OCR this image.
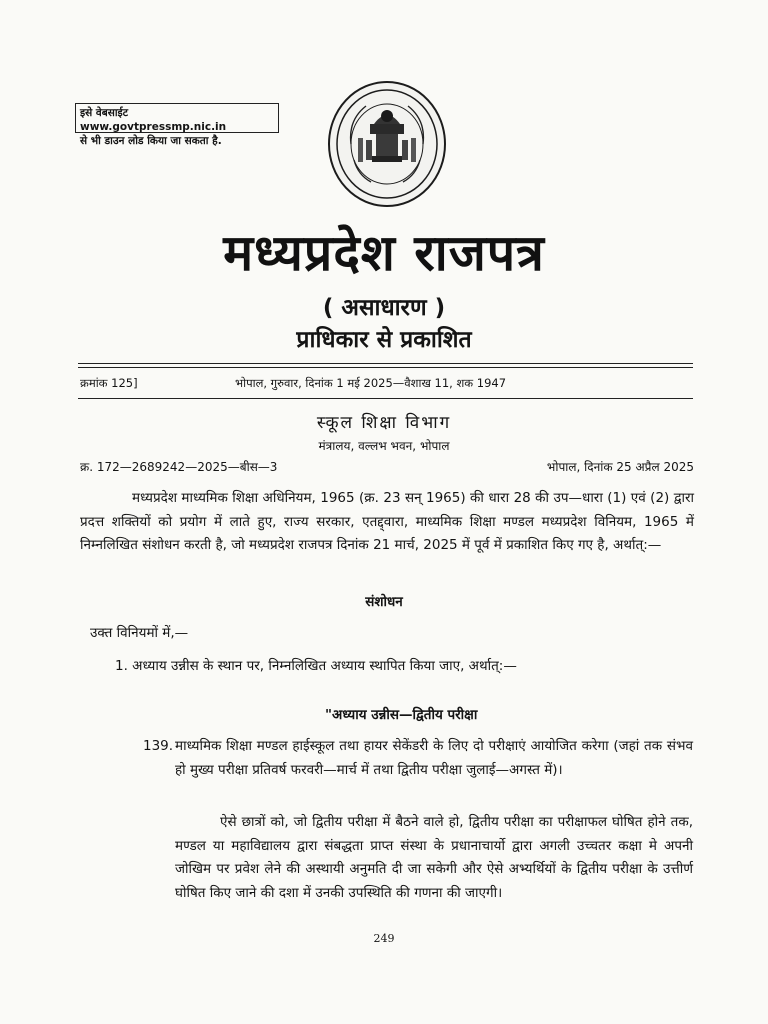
इसे वेबसाईट www.govtpressmp.nic.in
से भी डाउन लोड किया जा सकता है.
मध्यप्रदेश राजपत्र
( असाधारण )
प्राधिकार से प्रकाशित
क्रमांक 125]	भोपाल, गुरुवार, दिनांक 1 मई 2025—वैशाख 11, शक 1947
स्कूल शिक्षा विभाग
मंत्रालय, वल्लभ भवन, भोपाल
क्र. 172—2689242—2025—बीस—3	भोपाल, दिनांक 25 अप्रैल 2025
मध्यप्रदेश माध्यमिक शिक्षा अधिनियम, 1965 (क्र. 23 सन् 1965) की धारा 28 की उप—धारा (1) एवं (2) द्वारा प्रदत्त शक्तियों को प्रयोग में लाते हुए, राज्य सरकार, एतद्द्वारा, माध्यमिक शिक्षा मण्डल मध्यप्रदेश विनियम, 1965 में निम्नलिखित संशोधन करती है, जो मध्यप्रदेश राजपत्र दिनांक 21 मार्च, 2025 में पूर्व में प्रकाशित किए गए है, अर्थात्:—
संशोधन
उक्त विनियमों में,—
1. अध्याय उन्नीस के स्थान पर, निम्नलिखित अध्याय स्थापित किया जाए, अर्थात्:—
"अध्याय उन्नीस—द्वितीय परीक्षा
139. माध्यमिक शिक्षा मण्डल हाईस्कूल तथा हायर सेकेंडरी के लिए दो परीक्षाएं आयोजित करेगा (जहां तक संभव हो मुख्य परीक्षा प्रतिवर्ष फरवरी—मार्च में तथा द्वितीय परीक्षा जुलाई—अगस्त में)।
ऐसे छात्रों को, जो द्वितीय परीक्षा में बैठने वाले हो, द्वितीय परीक्षा का परीक्षाफल घोषित होने तक, मण्डल या महाविद्यालय द्वारा संबद्धता प्राप्त संस्था के प्रधानाचार्यो द्वारा अगली उच्चतर कक्षा मे अपनी जोखिम पर प्रवेश लेने की अस्थायी अनुमति दी जा सकेगी और ऐसे अभ्यर्थियों के द्वितीय परीक्षा के उत्तीर्ण घोषित किए जाने की दशा में उनकी उपस्थिति की गणना की जाएगी।
249
